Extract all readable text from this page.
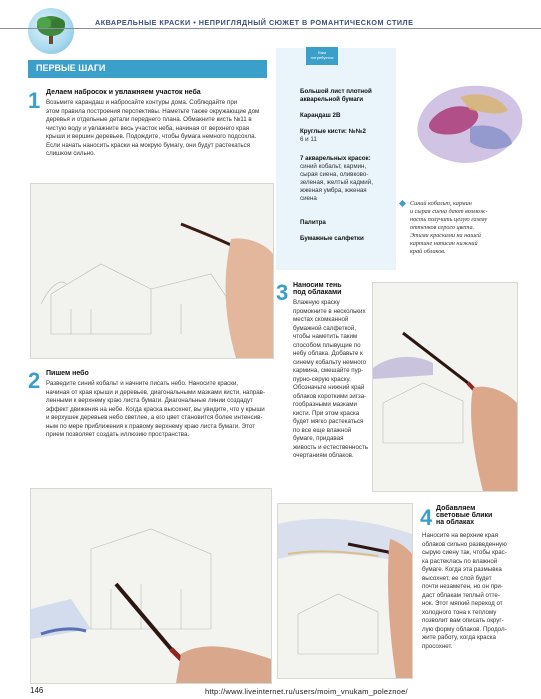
АКВАРЕЛЬНЫЕ КРАСКИ • НЕПРИГЛЯДНЫЙ СЮЖЕТ В РОМАНТИЧЕСКОМ СТИЛЕ
ПЕРВЫЕ ШАГИ
1 Делаем набросок и увлажняем участок неба
Возьмите карандаш и набросайте контуры дома. Соблюдайте при
этом правила построения перспективы. Наметьте также окружающие дом
деревья и отдельные детали переднего плана. Обмакните кисть №11 в
чистую воду и увлажните весь участок неба, начиная от верхнего края
крыши и вершин деревьев. Подождите, чтобы бумага немного подсохла.
Если начать наносить краски на мокрую бумагу, они будут растекаться
слишком сильно.
2 Пишем небо
Разведите синий кобальт и начните писать небо. Наносите краски,
начиная от края крыши и деревьев, диагональными мазками кисти, направ-
ленными к верхнему краю листа бумаги. Диагональные линии создадут
эффект движения на небе. Когда краска высохнет, вы увидите, что у крыши
и верхушек деревьев небо светлее, а его цвет становится более интенсив-
ным по мере приближения к правому верхнему краю листа бумаги. Этот
прием позволяет создать иллюзию пространства.
Вам
потребуется
Большой лист плотной
акварельной бумаги
Карандаш 2В
Круглые кисти: №№2
6 и 11
7 акварельных красок:
синий кобальт, кармин,
сырая сиена, оливково-
зеленая, желтый кадмий,
жженая умбра, жженая
сиена
Палитра
Бумажные салфетки
Синий кобальт, кармин
и сырая сиена дают возмож-
ность получить целую гамму
оттенков серого цвета.
Этими красками на нашей
картине написан нижний
край облаков.
3 Наносим тень
под облаками
Влажную краску
промокните в нескольких
местах скомканной
бумажной салфеткой,
чтобы наметить таким
способом плывущие по
небу облака. Добавьте к
синему кобальту немного
кармина, смешайте пур-
пурно-серую краску.
Обозначьте нижний край
облаков короткими зигза-
гообразными мазками
кисти. При этом краска
будет мягко растекаться
по все еще влажной
бумаге, придавая
живость и естественность
очертаниям облаков.
4 Добавляем
световые блики
на облаках
Наносите на верхние края
облаков сильно разведенную
сырую сиену так, чтобы крас-
ка растеклась по влажной
бумаге. Когда эта размывка
высохнет, ее слой будет
почти незаметен, но он при-
даст облакам теплый отте-
нок. Этот мягкий переход от
холодного тона к теплому
позволит вам описать округ-
лую форму облаков. Продол-
жите работу, когда краска
просохнет.
146	http://www.liveinternet.ru/users/moim_vnukam_poleznoe/
